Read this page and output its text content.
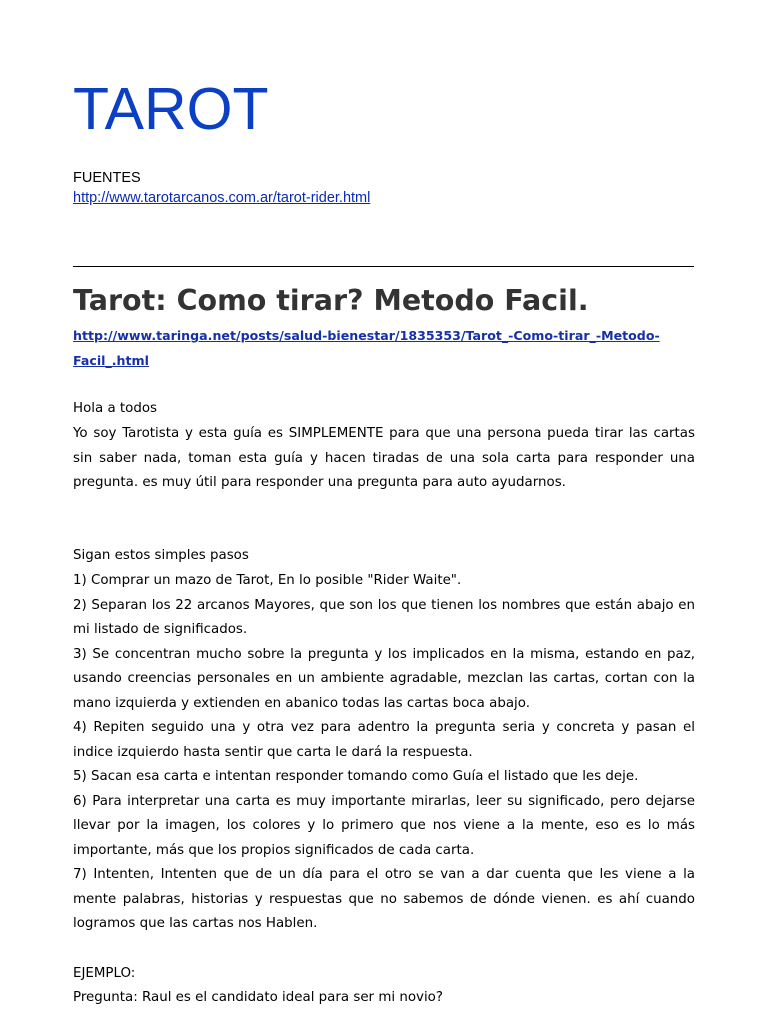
TAROT
FUENTES
http://www.tarotarcanos.com.ar/tarot-rider.html
Tarot: Como tirar? Metodo Facil.
http://www.taringa.net/posts/salud-bienestar/1835353/Tarot_-Como-tirar_-Metodo-
Facil_.html

Hola a todos

Yo soy Tarotista y esta guía es SIMPLEMENTE para que una persona pueda tirar las cartas sin saber nada, toman esta guía y hacen tiradas de una sola carta para responder una pregunta. es muy útil para responder una pregunta para auto ayudarnos.

Sigan estos simples pasos

1) Comprar un mazo de Tarot, En lo posible "Rider Waite".
2) Separan los 22 arcanos Mayores, que son los que tienen los nombres que están abajo en mi listado de significados.
3) Se concentran mucho sobre la pregunta y los implicados en la misma, estando en paz, usando creencias personales en un ambiente agradable, mezclan las cartas, cortan con la mano izquierda y extienden en abanico todas las cartas boca abajo.
4) Repiten seguido una y otra vez para adentro la pregunta seria y concreta y pasan el indice izquierdo hasta sentir que carta le dará la respuesta.
5) Sacan esa carta e intentan responder tomando como Guía el listado que les deje.
6) Para interpretar una carta es muy importante mirarlas, leer su significado, pero dejarse llevar por la imagen, los colores y lo primero que nos viene a la mente, eso es lo más importante, más que los propios significados de cada carta.
7) Intenten, Intenten que de un día para el otro se van a dar cuenta que les viene a la mente palabras, historias y respuestas que no sabemos de dónde vienen. es ahí cuando logramos que las cartas nos Hablen.

EJEMPLO:

Pregunta: Raul es el candidato ideal para ser mi novio?
